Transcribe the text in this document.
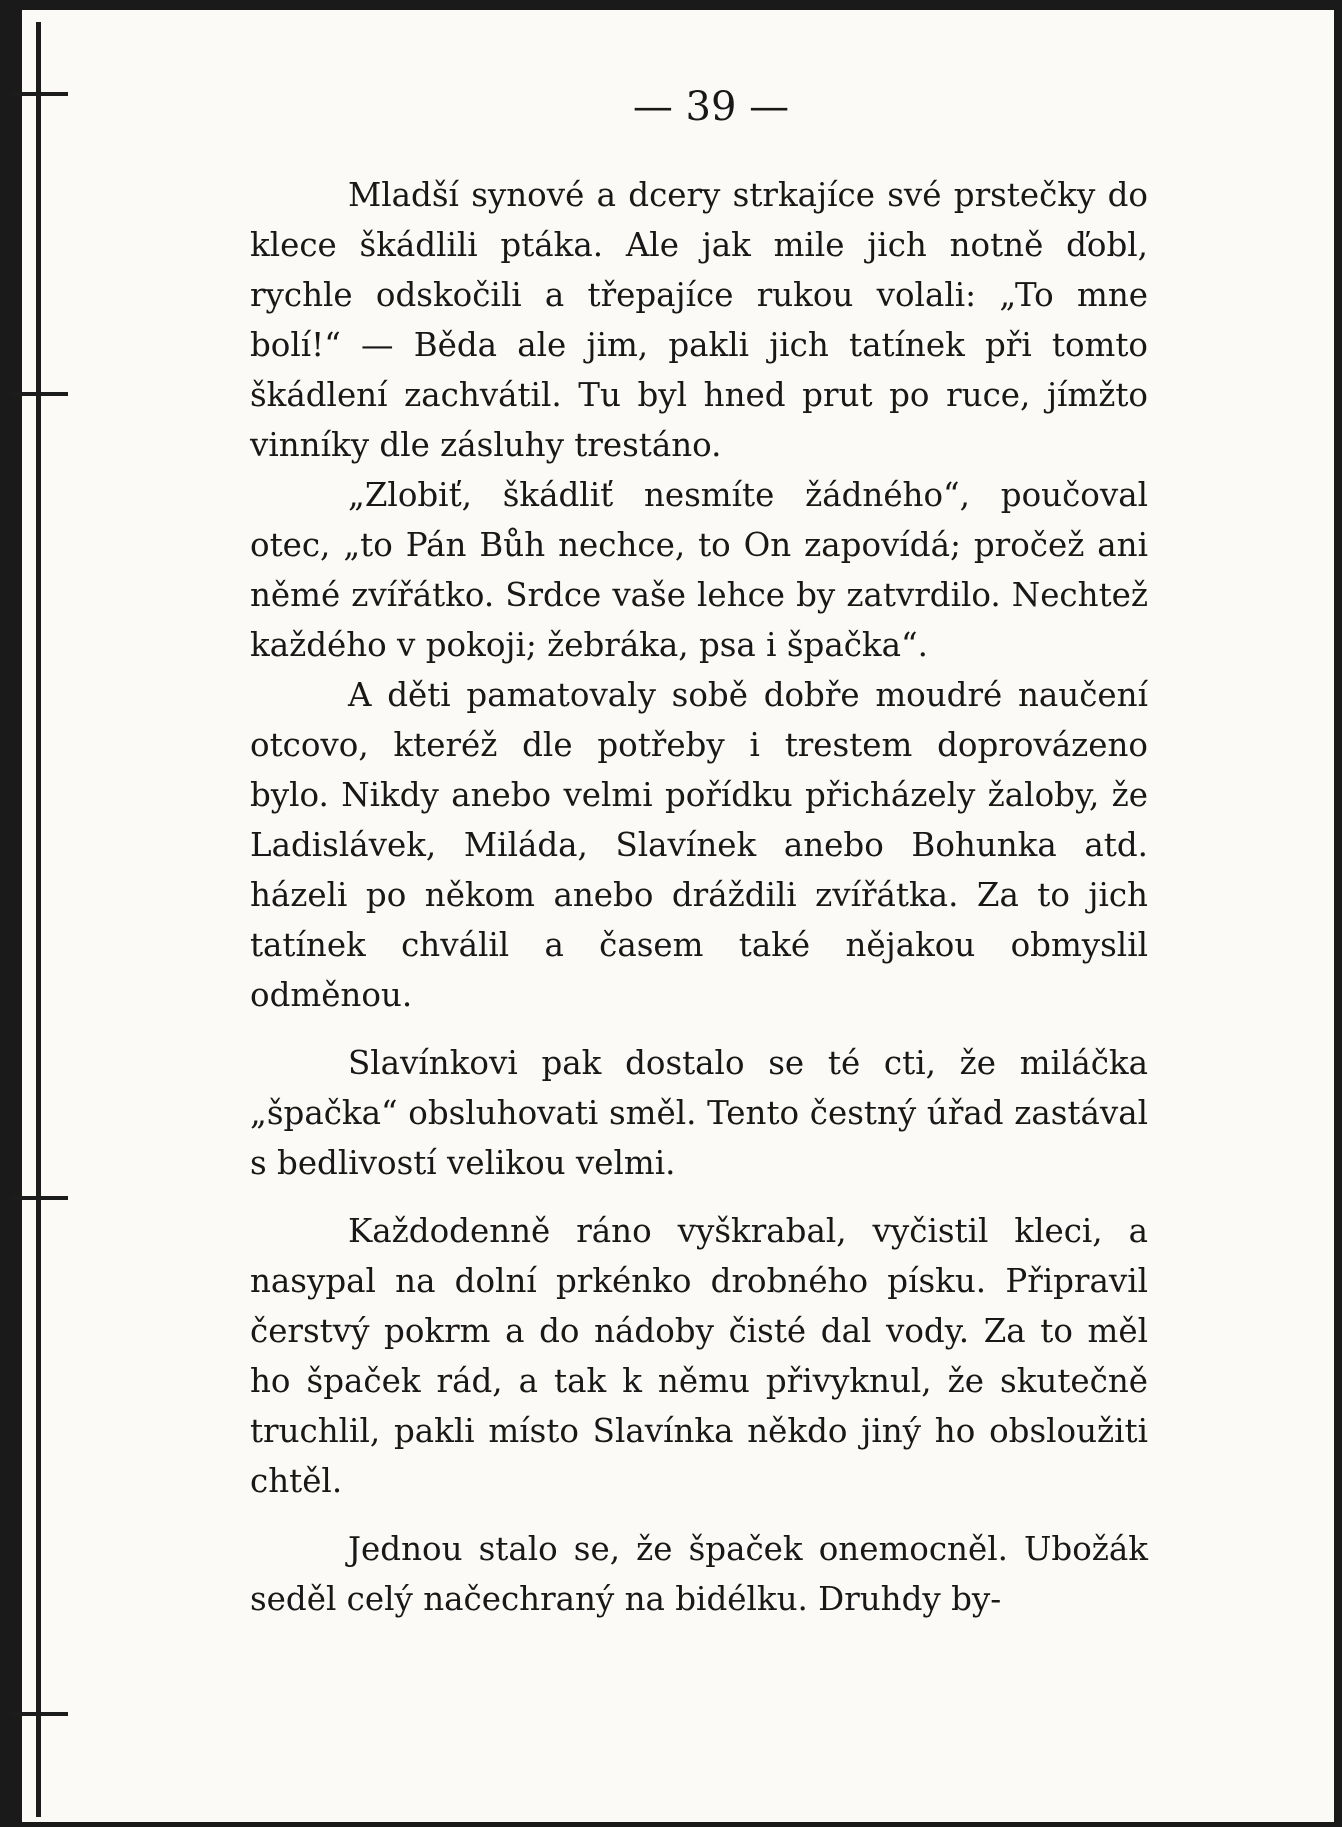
— 39 —

Mladší synové a dcery strkajíce své prstečky do klece škádlili ptáka. Ale jak mile jich notně ďobl, rychle odskočili a třepajíce rukou volali: „To mne bolí!“ — Běda ale jim, pakli jich tatínek při tomto škádlení zachvátil. Tu byl hned prut po ruce, jímžto vinníky dle zásluhy trestáno.

„Zlobiť, škádliť nesmíte žádného“, poučoval otec, „to Pán Bůh nechce, to On zapovídá; pročež ani němé zvířátko. Srdce vaše lehce by zatvrdilo. Nechtež každého v pokoji; žebráka, psa i špačka“.

A děti pamatovaly sobě dobře moudré naučení otcovo, kteréž dle potřeby i trestem doprovázeno bylo. Nikdy anebo velmi pořídku přicházely žaloby, že Ladislávek, Miláda, Slavínek anebo Bohunka atd. házeli po někom anebo dráždili zvířátka. Za to jich tatínek chválil a časem také nějakou obmyslil odměnou.

Slavínkovi pak dostalo se té cti, že miláčka „špačka“ obsluhovati směl. Tento čestný úřad zastával s bedlivostí velikou velmi.

Každodenně ráno vyškrabal, vyčistil kleci, a nasypal na dolní prkénko drobného písku. Připravil čerstvý pokrm a do nádoby čisté dal vody. Za to měl ho špaček rád, a tak k němu přivyknul, že skutečně truchlil, pakli místo Slavínka někdo jiný ho obsloužiti chtěl.

Jednou stalo se, že špaček onemocněl. Ubožák seděl celý načechraný na bidélku. Druhdy by-
